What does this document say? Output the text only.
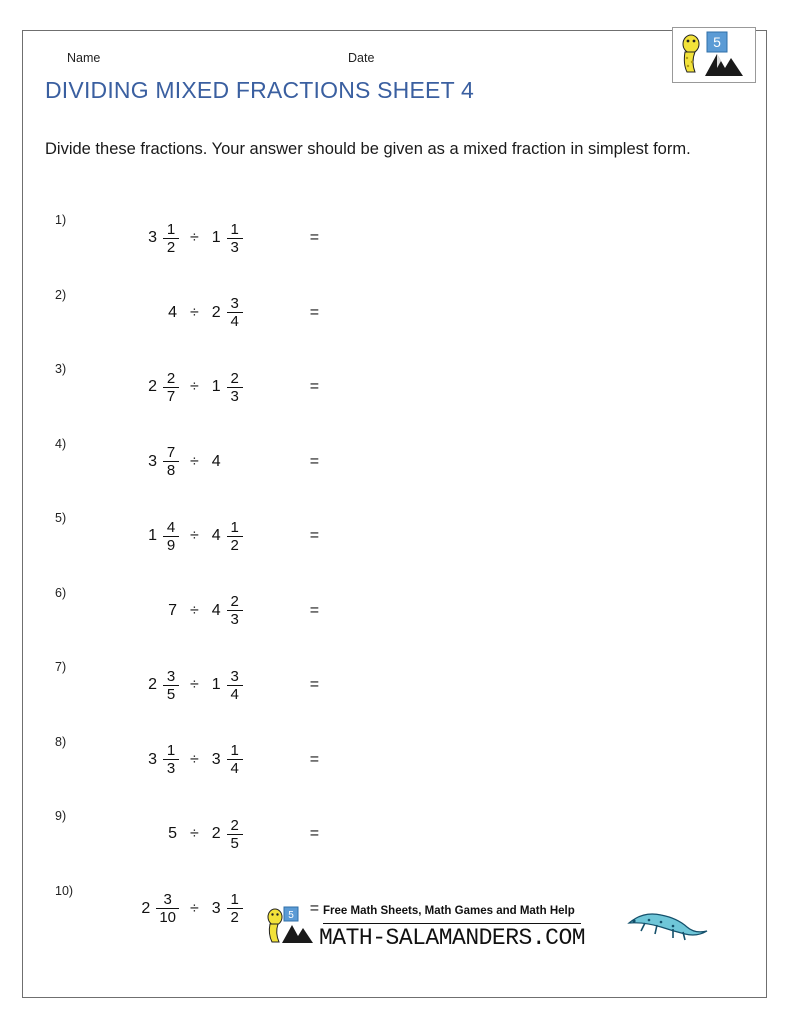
Name	Date
5
DIVIDING MIXED FRACTIONS SHEET 4
Divide these fractions. Your answer should be given as a mixed fraction in simplest form.
1)
$3 \frac{1}{2} \div 1 \frac{1}{3}$	=
2)
$4 \div 2 \frac{3}{4}$	=
3)
$2 \frac{2}{7} \div 1 \frac{2}{3}$	=
4)
$3 \frac{7}{8} \div 4$	=
5)
$1 \frac{4}{9} \div 4 \frac{1}{2}$	=
6)
$7 \div 4 \frac{2}{3}$	=
7)
$2 \frac{3}{5} \div 1 \frac{3}{4}$	=
8)
$3 \frac{1}{3} \div 3 \frac{1}{4}$	=
9)
$5 \div 2 \frac{2}{5}$	=
10)
$2 \frac{3}{10} \div 3 \frac{1}{2}$	=
5	Free Math Sheets, Math Games and Math Help
MATH-SALAMANDERS.COM
